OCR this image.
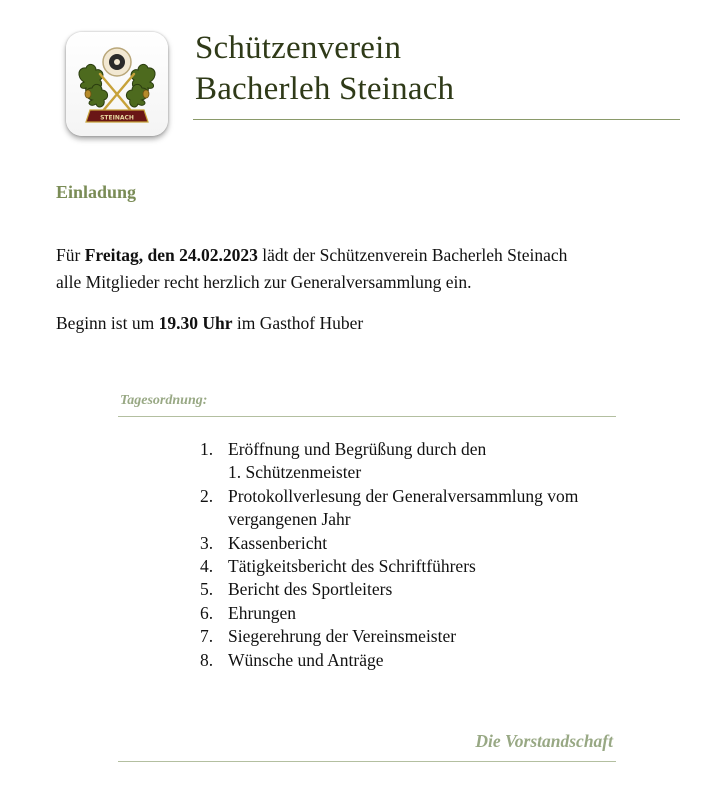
STEINACH
Schützenverein
Bacherleh Steinach
Einladung
Für Freitag, den 24.02.2023 lädt der Schützenverein Bacherleh Steinach
alle Mitglieder recht herzlich zur Generalversammlung ein.
Beginn ist um 19.30 Uhr im Gasthof Huber
Tagesordnung:
1. Eröffnung und Begrüßung durch den
1. Schützenmeister
2. Protokollverlesung der Generalversammlung vom
vergangenen Jahr
3. Kassenbericht
4. Tätigkeitsbericht des Schriftführers
5. Bericht des Sportleiters
6. Ehrungen
7. Siegerehrung der Vereinsmeister
8. Wünsche und Anträge
Die Vorstandschaft
